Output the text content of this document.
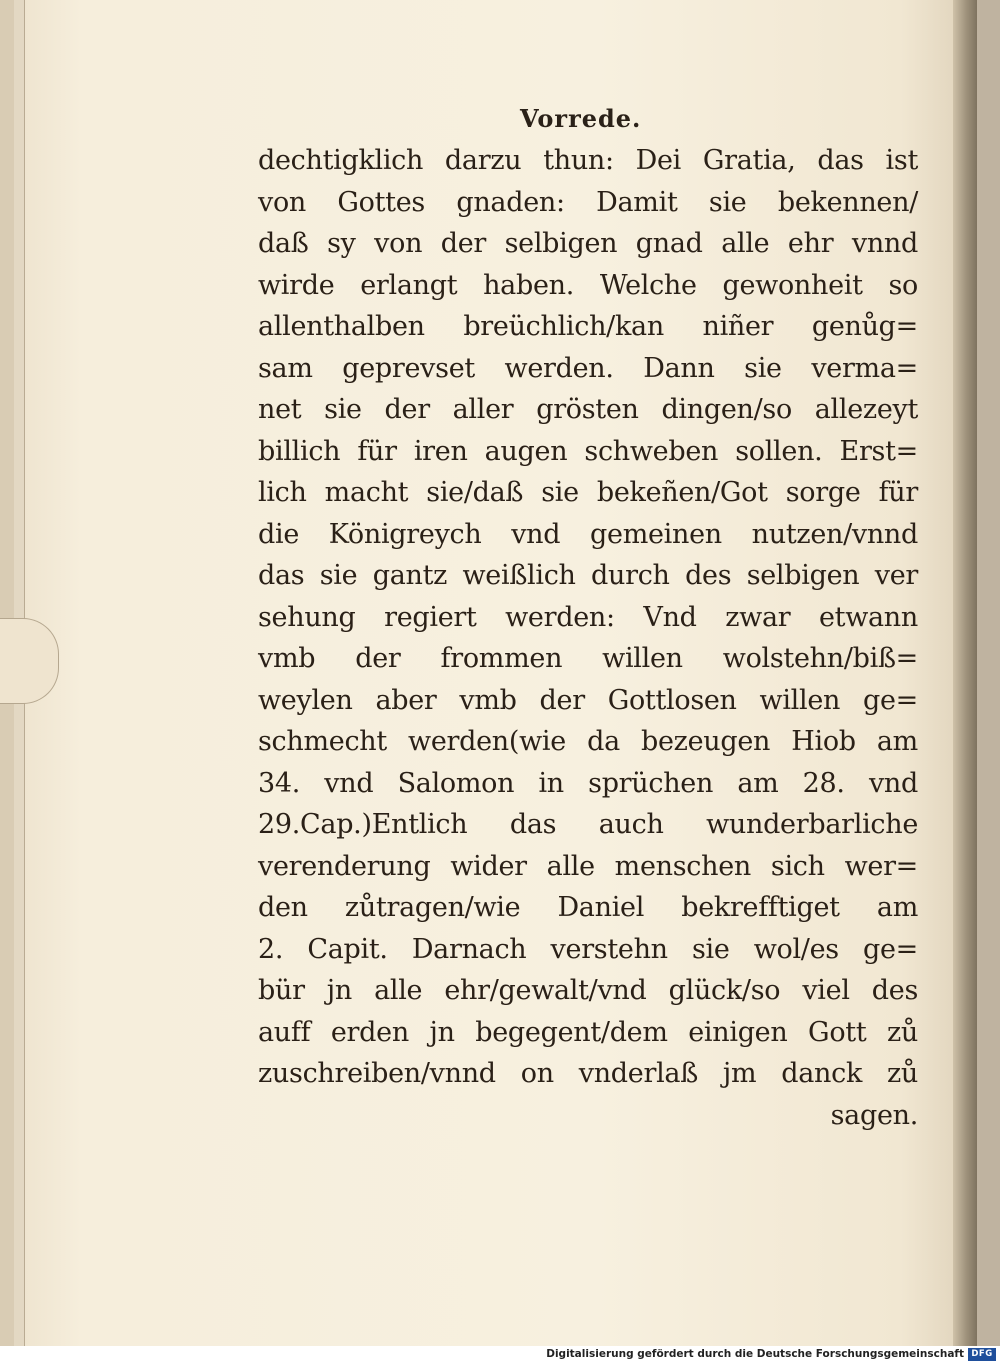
Vorrede.
dechtigklich darzu thun: Dei Gratia, das ist
von Gottes gnaden: Damit sie bekennen/
daß sy von der selbigen gnad alle ehr vnnd
wirde erlangt haben. Welche gewonheit so
allenthalben breüchlich/kan niñer genůg=
sam geprevset werden. Dann sie verma=
net sie der aller grösten dingen/so allezeyt
billich für iren augen schweben sollen. Erst=
lich macht sie/daß sie bekeñen/Got sorge für
die Königreych vnd gemeinen nutzen/vnnd
das sie gantz weißlich durch des selbigen ver
sehung regiert werden: Vnd zwar etwann
vmb der frommen willen wolstehn/biß=
weylen aber vmb der Gottlosen willen ge=
schmecht werden(wie da bezeugen Hiob am
34. vnd Salomon in sprüchen am 28. vnd
29.Cap.)Entlich das auch wunderbarliche
verenderung wider alle menschen sich wer=
den zůtragen/wie Daniel bekrefftiget am
2. Capit. Darnach verstehn sie wol/es ge=
bür jn alle ehr/gewalt/vnd glück/so viel des
auff erden jn begegent/dem einigen Gott zů
zuschreiben/vnnd on vnderlaß jm danck zů
sagen.
Digitalisierung gefördert durch die Deutsche Forschungsgemeinschaft DFG
